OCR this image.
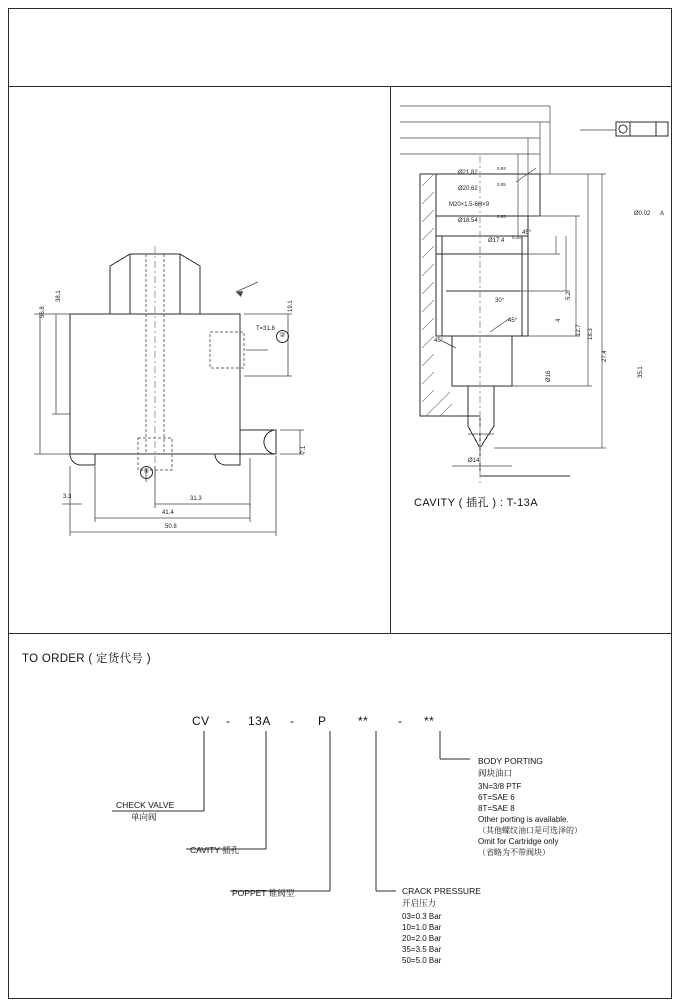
56.8
38.1
19.1
7.1
3.3	31.3
41.4
50.8
T=31.8
①
②
Ø21.82
0.93
Ø20.62
0.05
M20×1.5-6H×9
Ø18.54
0.05
Ø17.4
0.16
45°
45°
45°
30°
Ø16
Ø14
4
5.2
12.7 18.3
27.4
35.1
Ø0.02 A
CAVITY ( 插孔 ) : T-13A
TO ORDER ( 定货代号 )
CV - 13A - P	** - **
CHECK VALVE
单向阀
CAVITY 插孔
POPPET 锥阀型
BODY PORTING
阀块油口
3N=3/8 PTF
6T=SAE 6
8T=SAE 8
Other porting is available.
（其他螺纹油口是可选泽的）
Omit for Cartridge only
（省略为不带阀块）
CRACK PRESSURE
开启压力
03=0.3 Bar
10=1.0 Bar
20=2.0 Bar
35=3.5 Bar
50=5.0 Bar
